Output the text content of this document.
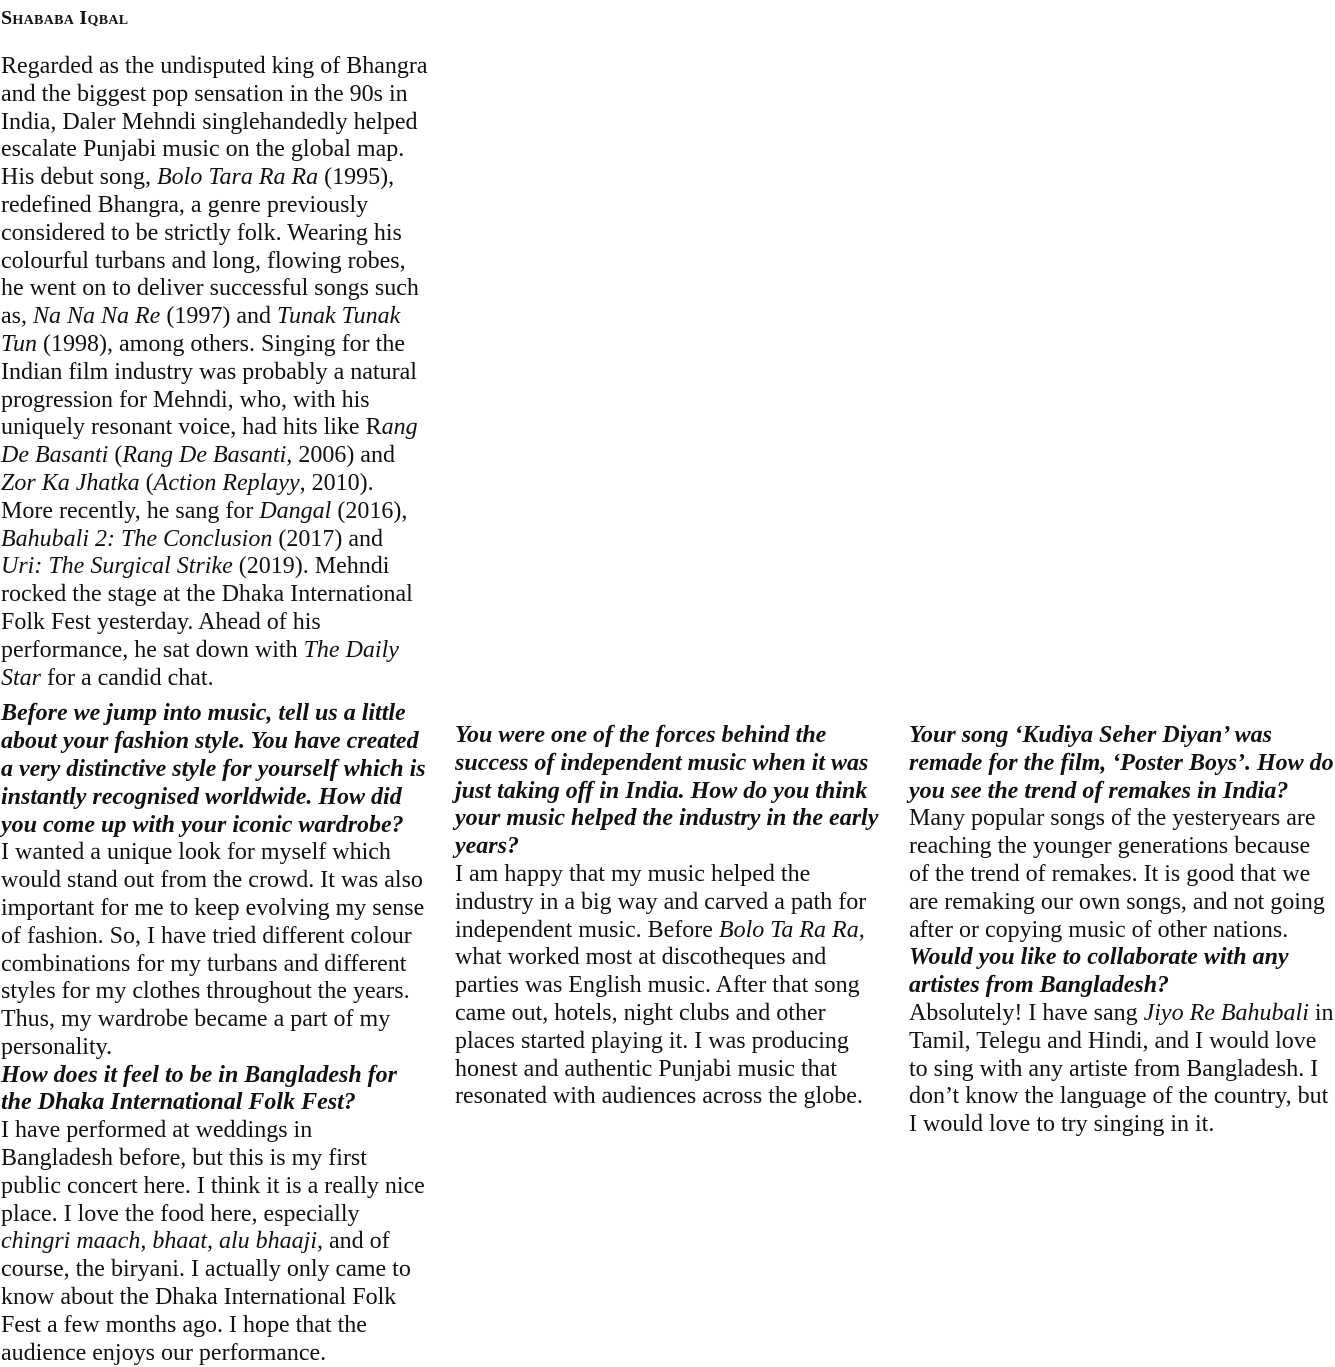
Shababa Iqbal

Regarded as the undisputed king of Bhangra and the biggest pop sensation in the 90s in India, Daler Mehndi singlehandedly helped escalate Punjabi music on the global map. His debut song, Bolo Tara Ra Ra (1995), redefined Bhangra, a genre previously considered to be strictly folk. Wearing his colourful turbans and long, flowing robes, he went on to deliver successful songs such as, Na Na Na Re (1997) and Tunak Tunak Tun (1998), among others. Singing for the Indian film industry was probably a natural progression for Mehndi, who, with his uniquely resonant voice, had hits like Rang De Basanti (Rang De Basanti, 2006) and Zor Ka Jhatka (Action Replayy, 2010). More recently, he sang for Dangal (2016), Bahubali 2: The Conclusion (2017) and Uri: The Surgical Strike (2019). Mehndi rocked the stage at the Dhaka International Folk Fest yesterday. Ahead of his performance, he sat down with The Daily Star for a candid chat.

Before we jump into music, tell us a little about your fashion style. You have created a very distinctive style for yourself which is instantly recognised worldwide. How did you come up with your iconic wardrobe?

I wanted a unique look for myself which would stand out from the crowd. It was also important for me to keep evolving my sense of fashion. So, I have tried different colour combinations for my turbans and different styles for my clothes throughout the years. Thus, my wardrobe became a part of my personality.

How does it feel to be in Bangladesh for the Dhaka International Folk Fest?

I have performed at weddings in Bangladesh before, but this is my first public concert here. I think it is a really nice place. I love the food here, especially chingri maach, bhaat, alu bhaaji, and of course, the biryani. I actually only came to know about the Dhaka International Folk Fest a few months ago. I hope that the audience enjoys our performance.

You were one of the forces behind the success of independent music when it was just taking off in India. How do you think your music helped the industry in the early years?

I am happy that my music helped the industry in a big way and carved a path for independent music. Before Bolo Ta Ra Ra, what worked most at discotheques and parties was English music. After that song came out, hotels, night clubs and other places started playing it. I was producing honest and authentic Punjabi music that resonated with audiences across the globe.

Your song ‘Kudiya Seher Diyan’ was remade for the film, ‘Poster Boys’. How do you see the trend of remakes in India?

Many popular songs of the yesteryears are reaching the younger generations because of the trend of remakes. It is good that we are remaking our own songs, and not going after or copying music of other nations.

Would you like to collaborate with any artistes from Bangladesh?

Absolutely! I have sang Jiyo Re Bahubali in Tamil, Telegu and Hindi, and I would love to sing with any artiste from Bangladesh. I don’t know the language of the country, but I would love to try singing in it.
